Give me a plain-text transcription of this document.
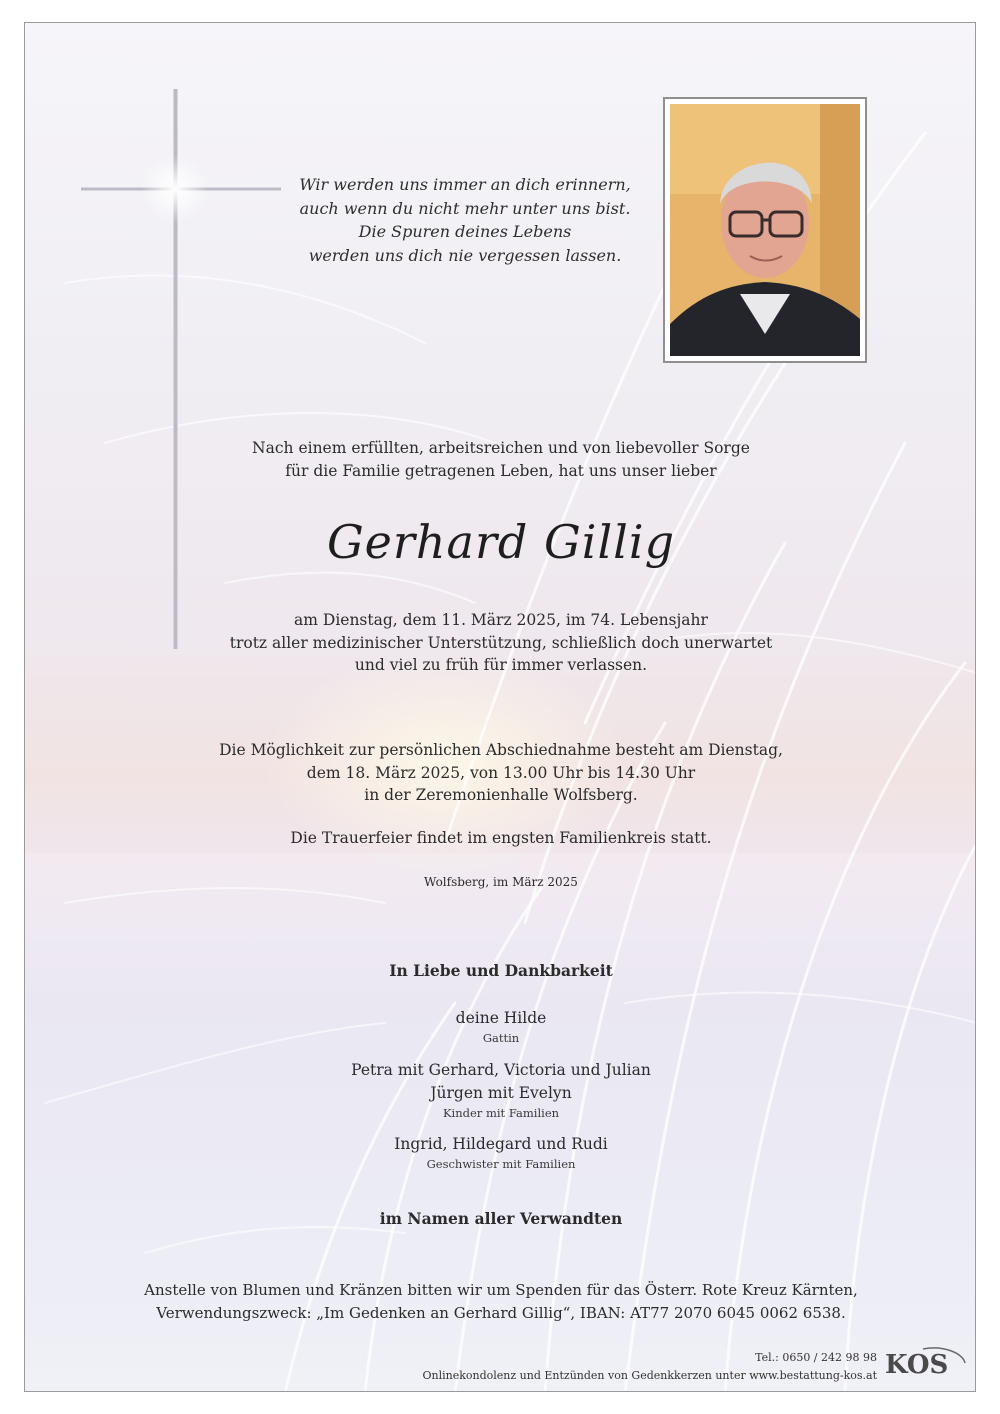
Wir werden uns immer an dich erinnern,
auch wenn du nicht mehr unter uns bist.
Die Spuren deines Lebens
werden uns dich nie vergessen lassen.
Nach einem erfüllten, arbeitsreichen und von liebevoller Sorge
für die Familie getragenen Leben, hat uns unser lieber
Gerhard Gillig
am Dienstag, dem 11. März 2025, im 74. Lebensjahr
trotz aller medizinischer Unterstützung, schließlich doch unerwartet
und viel zu früh für immer verlassen.
Die Möglichkeit zur persönlichen Abschiednahme besteht am Dienstag,
dem 18. März 2025, von 13.00 Uhr bis 14.30 Uhr
in der Zeremonienhalle Wolfsberg.
Die Trauerfeier findet im engsten Familienkreis statt.
Wolfsberg, im März 2025
In Liebe und Dankbarkeit
deine Hilde
Gattin
Petra mit Gerhard, Victoria und Julian
Jürgen mit Evelyn
Kinder mit Familien
Ingrid, Hildegard und Rudi
Geschwister mit Familien
im Namen aller Verwandten
Anstelle von Blumen und Kränzen bitten wir um Spenden für das Österr. Rote Kreuz Kärnten,
Verwendungszweck: „Im Gedenken an Gerhard Gillig“, IBAN: AT77 2070 6045 0062 6538.
Tel.: 0650 / 242 98 98
Onlinekondolenz und Entzünden von Gedenkkerzen unter www.bestattung-kos.at KOS
